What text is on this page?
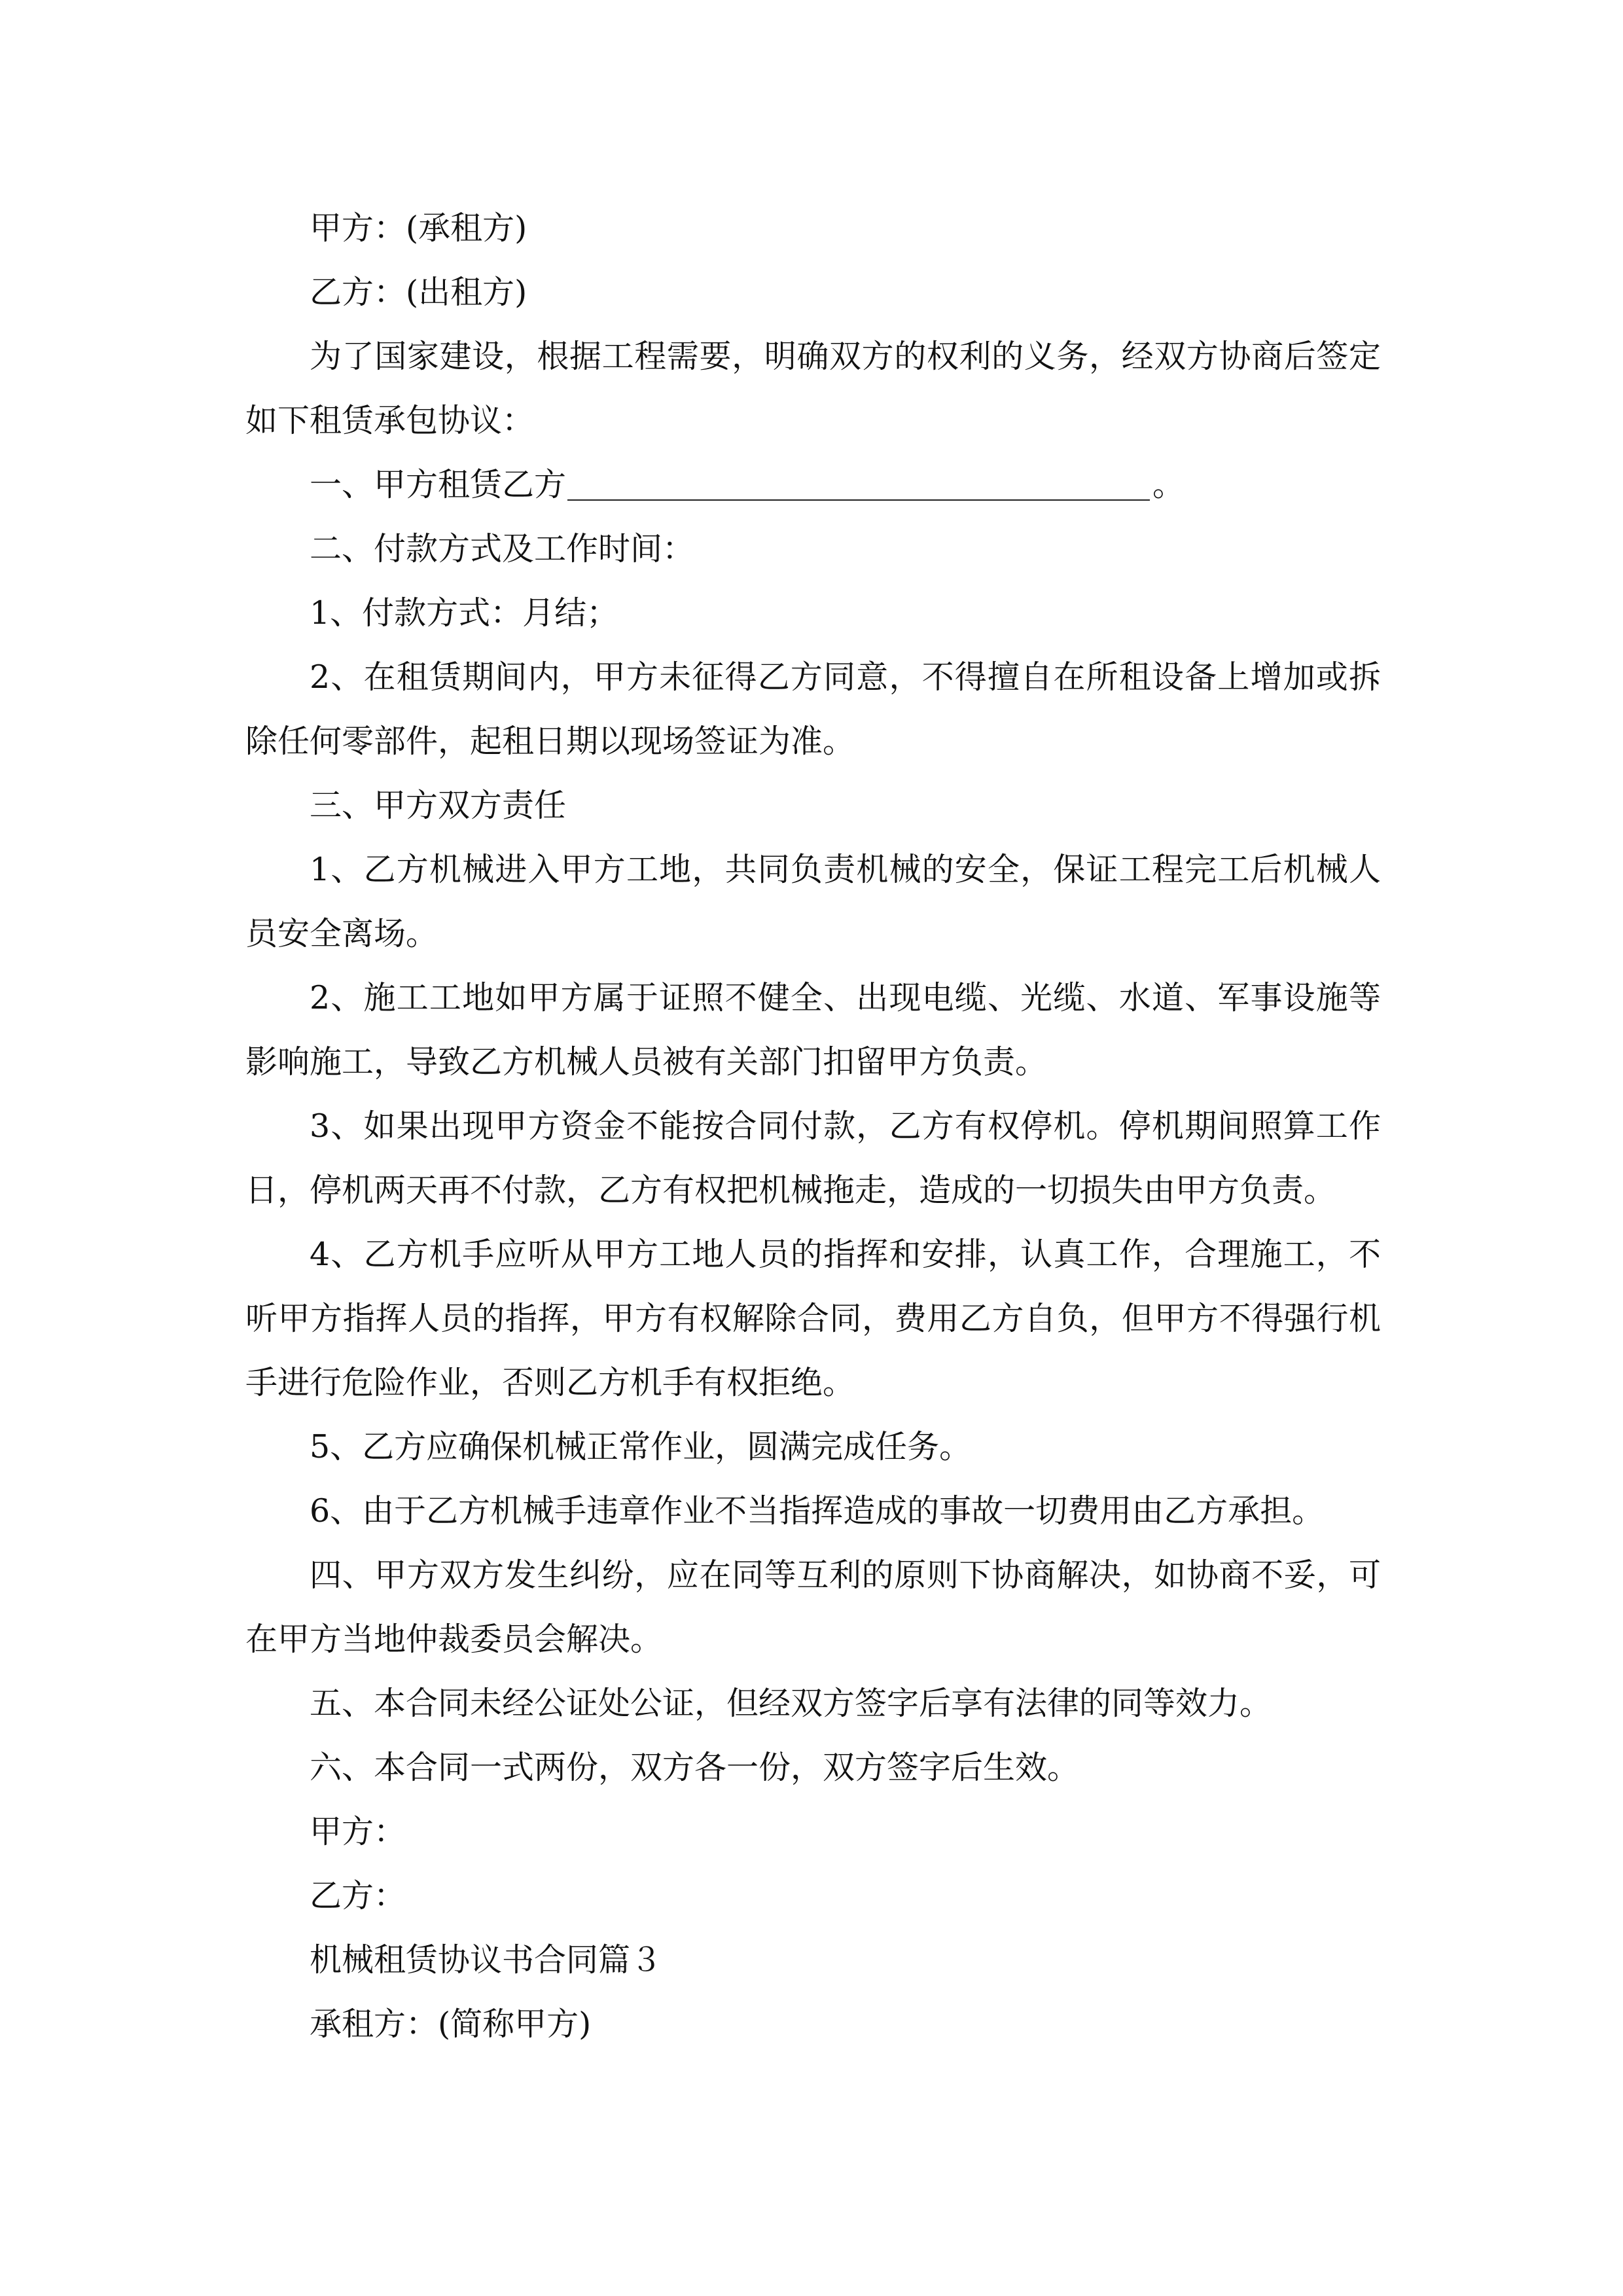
甲方：(承租方)

乙方：(出租方)

为了国家建设，根据工程需要，明确双方的权利的义务，经双方协商后签定如下租赁承包协议：

一、甲方租赁乙方	。

二、付款方式及工作时间：

1、付款方式：月结；

2、在租赁期间内，甲方未征得乙方同意，不得擅自在所租设备上增加或拆除任何零部件，起租日期以现场签证为准。

三、甲方双方责任

1、乙方机械进入甲方工地，共同负责机械的安全，保证工程完工后机械人员安全离场。

2、施工工地如甲方属于证照不健全、出现电缆、光缆、水道、军事设施等影响施工，导致乙方机械人员被有关部门扣留甲方负责。

3、如果出现甲方资金不能按合同付款，乙方有权停机。停机期间照算工作日，停机两天再不付款，乙方有权把机械拖走，造成的一切损失由甲方负责。

4、乙方机手应听从甲方工地人员的指挥和安排，认真工作，合理施工，不听甲方指挥人员的指挥，甲方有权解除合同，费用乙方自负，但甲方不得强行机手进行危险作业，否则乙方机手有权拒绝。

5、乙方应确保机械正常作业，圆满完成任务。

6、由于乙方机械手违章作业不当指挥造成的事故一切费用由乙方承担。

四、甲方双方发生纠纷，应在同等互利的原则下协商解决，如协商不妥，可在甲方当地仲裁委员会解决。

五、本合同未经公证处公证，但经双方签字后享有法律的同等效力。

六、本合同一式两份，双方各一份，双方签字后生效。

甲方：

乙方：

机械租赁协议书合同篇３

承租方：(简称甲方)
